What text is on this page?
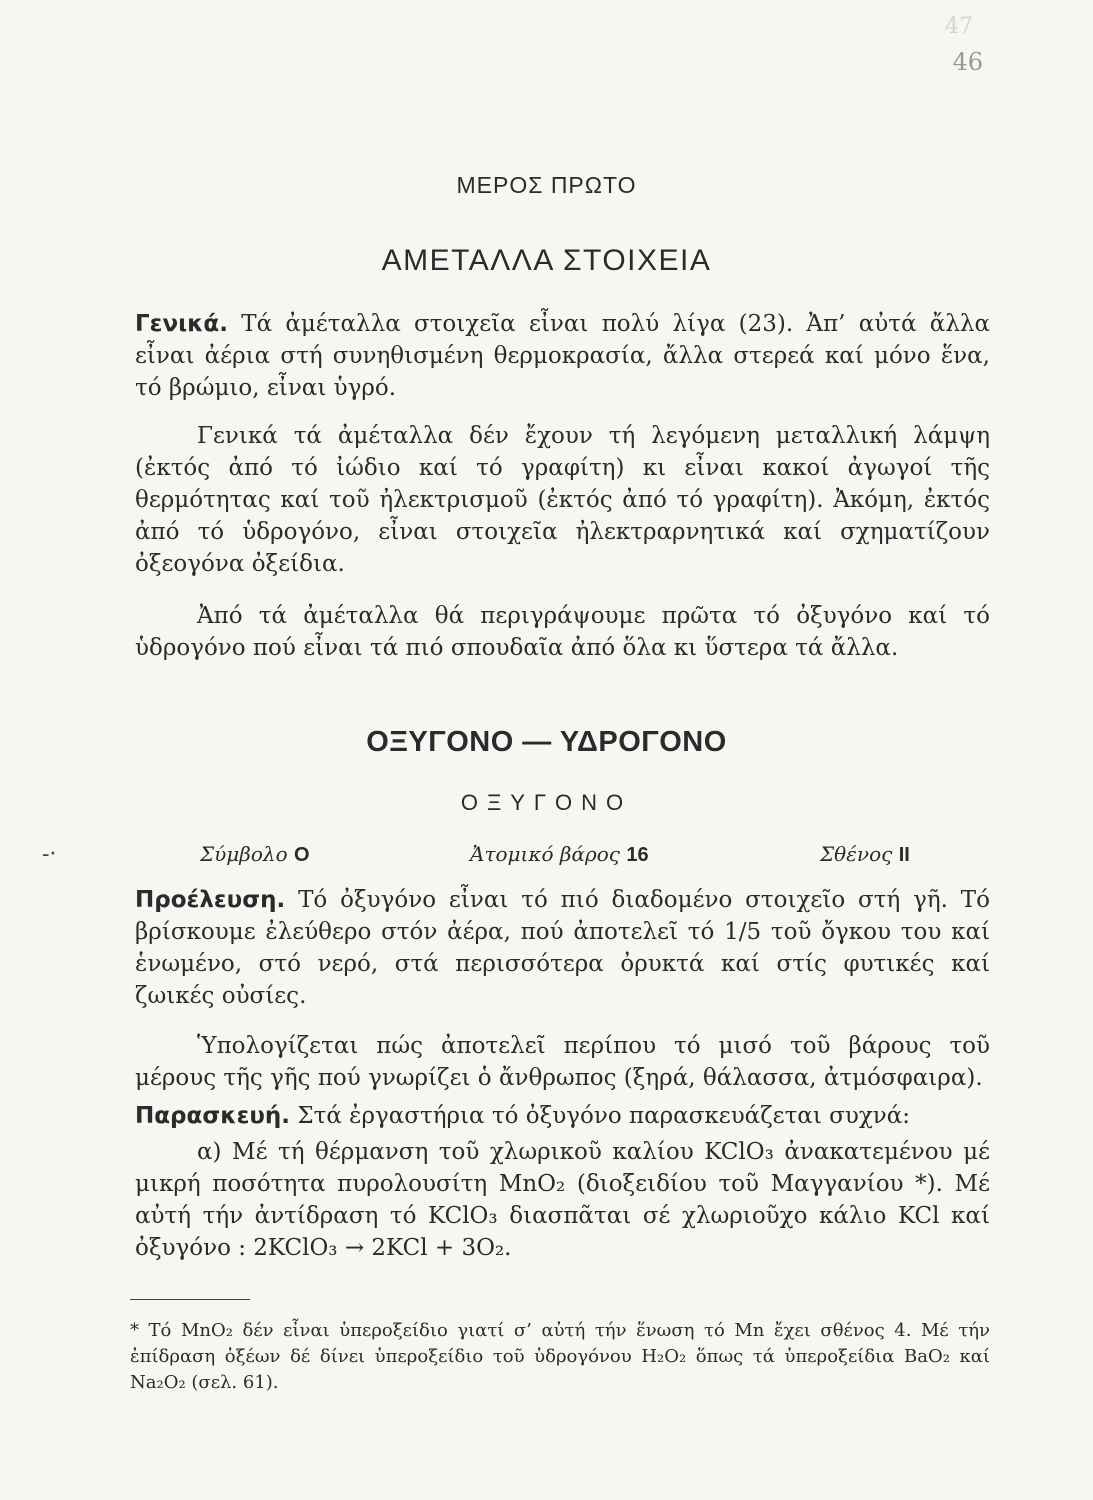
47
46
ΜΕΡΟΣ ΠΡΩΤΟ
ΑΜΕΤΑΛΛΑ ΣΤΟΙΧΕΙΑ
Γενικά. Τά ἀμέταλλα στοιχεῖα εἶναι πολύ λίγα (23). Ἀπ’ αὐτά ἄλλα εἶναι ἀέρια στή συνηθισμένη θερμοκρασία, ἄλλα στερεά καί μόνο ἕνα, τό βρώμιο, εἶναι ὑγρό.
Γενικά τά ἀμέταλλα δέν ἔχουν τή λεγόμενη μεταλλική λάμψη (ἐκτός ἀπό τό ἰώδιο καί τό γραφίτη) κι εἶναι κακοί ἀγωγοί τῆς θερμότητας καί τοῦ ἠλεκτρισμοῦ (ἐκτός ἀπό τό γραφίτη). Ἀκόμη, ἐκτός ἀπό τό ὑδρογόνο, εἶναι στοιχεῖα ἠλεκτραρνητικά καί σχηματίζουν ὀξεογόνα ὀξείδια.
Ἀπό τά ἀμέταλλα θά περιγράψουμε πρῶτα τό ὀξυγόνο καί τό ὑδρογόνο πού εἶναι τά πιό σπουδαῖα ἀπό ὅλα κι ὕστερα τά ἄλλα.
ΟΞΥΓΟΝΟ — ΥΔΡΟΓΟΝΟ
ΟΞΥΓΟΝΟ
-·	Σύμβολο O	Ἀτομικό βάρος 16	Σθένος II
Προέλευση. Τό ὀξυγόνο εἶναι τό πιό διαδομένο στοιχεῖο στή γῆ. Τό βρίσκουμε ἐλεύθερο στόν ἀέρα, πού ἀποτελεῖ τό 1/5 τοῦ ὄγκου του καί ἑνωμένο, στό νερό, στά περισσότερα ὀρυκτά καί στίς φυτικές καί ζωικές οὐσίες.
Ὑπολογίζεται πώς ἀποτελεῖ περίπου τό μισό τοῦ βάρους τοῦ μέρους τῆς γῆς πού γνωρίζει ὁ ἄνθρωπος (ξηρά, θάλασσα, ἀτμόσφαιρα).
Παρασκευή. Στά ἐργαστήρια τό ὀξυγόνο παρασκευάζεται συχνά:
α) Μέ τή θέρμανση τοῦ χλωρικοῦ καλίου KClO₃ ἀνακατεμένου μέ μικρή ποσότητα πυρολουσίτη MnO₂ (διοξειδίου τοῦ Μαγγανίου *). Μέ αὐτή τήν ἀντίδραση τό KClO₃ διασπᾶται σέ χλωριοῦχο κάλιο KCl καί ὀξυγόνο : 2KClO₃ → 2KCl + 3O₂.
* Τό MnO₂ δέν εἶναι ὑπεροξείδιο γιατί σ’ αὐτή τήν ἕνωση τό Mn ἔχει σθένος 4. Μέ τήν ἐπίδραση ὀξέων δέ δίνει ὑπεροξείδιο τοῦ ὑδρογόνου H₂O₂ ὅπως τά ὑπεροξείδια BaO₂ καί Na₂O₂ (σελ. 61).
